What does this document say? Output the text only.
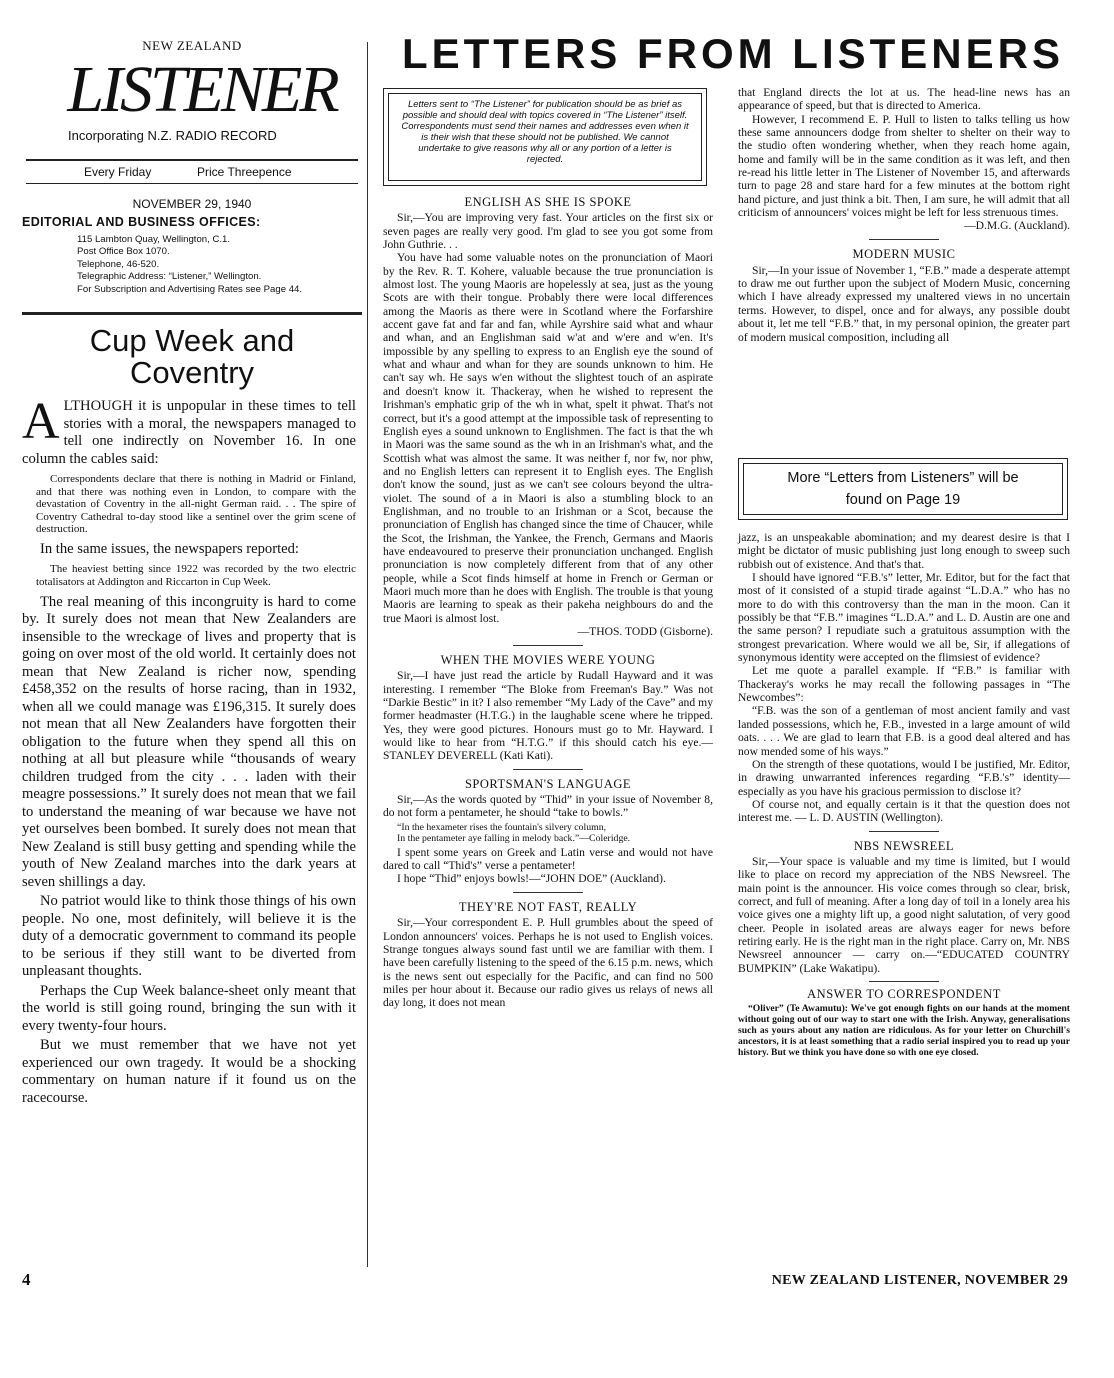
NEW ZEALAND
LISTENER
Incorporating N.Z. RADIO RECORD
Every Friday	Price Threepence
NOVEMBER 29, 1940
EDITORIAL AND BUSINESS OFFICES:
115 Lambton Quay, Wellington, C.1.
Post Office Box 1070.
Telephone, 46-520.
Telegraphic Address: “Listener,” Wellington.
For Subscription and Advertising Rates see Page 44.
Cup Week and
Coventry

ALTHOUGH it is unpopular in these times to tell stories with a moral, the newspapers managed to tell one indirectly on November 16. In one column the cables said:

Correspondents declare that there is nothing in Madrid or Finland, and that there was nothing even in London, to compare with the devastation of Coventry in the all-night German raid. . . The spire of Coventry Cathedral to-day stood like a sentinel over the grim scene of destruction.

In the same issues, the newspapers reported:

The heaviest betting since 1922 was recorded by the two electric totalisators at Addington and Riccarton in Cup Week.

The real meaning of this incongruity is hard to come by. It surely does not mean that New Zealanders are insensible to the wreckage of lives and property that is going on over most of the old world. It certainly does not mean that New Zealand is richer now, spending £458,352 on the results of horse racing, than in 1932, when all we could manage was £196,315. It surely does not mean that all New Zealanders have forgotten their obligation to the future when they spend all this on nothing at all but pleasure while “thousands of weary children trudged from the city . . . laden with their meagre possessions.” It surely does not mean that we fail to understand the meaning of war because we have not yet ourselves been bombed. It surely does not mean that New Zealand is still busy getting and spending while the youth of New Zealand marches into the dark years at seven shillings a day.

No patriot would like to think those things of his own people. No one, most definitely, will believe it is the duty of a democratic government to command its people to be serious if they still want to be diverted from unpleasant thoughts.

Perhaps the Cup Week balance-sheet only meant that the world is still going round, bringing the sun with it every twenty-four hours.

But we must remember that we have not yet experienced our own tragedy. It would be a shocking commentary on human nature if it found us on the racecourse.

LETTERS FROM LISTENERS

Letters sent to “The Listener” for publication should be as brief as possible and should deal with topics covered in “The Listener” itself. Correspondents must send their names and addresses even when it is their wish that these should not be published. We cannot undertake to give reasons why all or any portion of a letter is rejected.

ENGLISH AS SHE IS SPOKE

Sir,—You are improving very fast. Your articles on the first six or seven pages are really very good. I'm glad to see you got some from John Guthrie. . .

You have had some valuable notes on the pronunciation of Maori by the Rev. R. T. Kohere, valuable because the true pronunciation is almost lost. The young Maoris are hopelessly at sea, just as the young Scots are with their tongue. Probably there were local differences among the Maoris as there were in Scotland where the Forfarshire accent gave fat and far and fan, while Ayrshire said what and whaur and whan, and an Englishman said w'at and w'ere and w'en. It's impossible by any spelling to express to an English eye the sound of what and whaur and whan for they are sounds unknown to him. He can't say wh. He says w'en without the slightest touch of an aspirate and doesn't know it. Thackeray, when he wished to represent the Irishman's emphatic grip of the wh in what, spelt it phwat. That's not correct, but it's a good attempt at the impossible task of representing to English eyes a sound unknown to Englishmen. The fact is that the wh in Maori was the same sound as the wh in an Irishman's what, and the Scottish what was almost the same. It was neither f, nor fw, nor phw, and no English letters can represent it to English eyes. The English don't know the sound, just as we can't see colours beyond the ultra-violet. The sound of a in Maori is also a stumbling block to an Englishman, and no trouble to an Irishman or a Scot, because the pronunciation of English has changed since the time of Chaucer, while the Scot, the Irishman, the Yankee, the French, Germans and Maoris have endeavoured to preserve their pronunciation unchanged. English pronunciation is now completely different from that of any other people, while a Scot finds himself at home in French or German or Maori much more than he does with English. The trouble is that young Maoris are learning to speak as their pakeha neighbours do and the true Maori is almost lost.

—THOS. TODD (Gisborne).
WHEN THE MOVIES WERE YOUNG

Sir,—I have just read the article by Rudall Hayward and it was interesting. I remember “The Bloke from Freeman's Bay.” Was not “Darkie Bestic” in it? I also remember “My Lady of the Cave” and my former headmaster (H.T.G.) in the laughable scene where he tripped. Yes, they were good pictures. Honours must go to Mr. Hayward. I would like to hear from “H.T.G.” if this should catch his eye.— STANLEY DEVERELL (Kati Kati).

SPORTSMAN'S LANGUAGE

Sir,—As the words quoted by “Thid” in your issue of November 8, do not form a pentameter, he should “take to bowls.”

“In the hexameter rises the fountain's silvery column,
In the pentameter aye falling in melody back.”—Coleridge.

I spent some years on Greek and Latin verse and would not have dared to call “Thid's” verse a pentameter!

I hope “Thid” enjoys bowls!—“JOHN DOE” (Auckland).

THEY'RE NOT FAST, REALLY

Sir,—Your correspondent E. P. Hull grumbles about the speed of London announcers' voices. Perhaps he is not used to English voices. Strange tongues always sound fast until we are familiar with them. I have been carefully listening to the speed of the 6.15 p.m. news, which is the news sent out especially for the Pacific, and can find no 500 miles per hour about it. Because our radio gives us relays of news all day long, it does not mean

that England directs the lot at us. The head-line news has an appearance of speed, but that is directed to America.

However, I recommend E. P. Hull to listen to talks telling us how these same announcers dodge from shelter to shelter on their way to the studio often wondering whether, when they reach home again, home and family will be in the same condition as it was left, and then re-read his little letter in The Listener of November 15, and afterwards turn to page 28 and stare hard for a few minutes at the bottom right hand picture, and just think a bit. Then, I am sure, he will admit that all criticism of announcers' voices might be left for less strenuous times.

—D.M.G. (Auckland).
MODERN MUSIC

Sir,—In your issue of November 1, “F.B.” made a desperate attempt to draw me out further upon the subject of Modern Music, concerning which I have already expressed my unaltered views in no uncertain terms. However, to dispel, once and for always, any possible doubt about it, let me tell “F.B.” that, in my personal opinion, the greater part of modern musical composition, including all

More “Letters from Listeners” will be
found on Page 19

jazz, is an unspeakable abomination; and my dearest desire is that I might be dictator of music publishing just long enough to sweep such rubbish out of existence. And that's that.

I should have ignored “F.B.'s” letter, Mr. Editor, but for the fact that most of it consisted of a stupid tirade against “L.D.A.” who has no more to do with this controversy than the man in the moon. Can it possibly be that “F.B.” imagines “L.D.A.” and L. D. Austin are one and the same person? I repudiate such a gratuitous assumption with the strongest prevarication. Where would we all be, Sir, if allegations of synonymous identity were accepted on the flimsiest of evidence?

Let me quote a parallel example. If “F.B.” is familiar with Thackeray's works he may recall the following passages in “The Newcombes”:

“F.B. was the son of a gentleman of most ancient family and vast landed possessions, which he, F.B., invested in a large amount of wild oats. . . . We are glad to learn that F.B. is a good deal altered and has now mended some of his ways.”

On the strength of these quotations, would I be justified, Mr. Editor, in drawing unwarranted inferences regarding “F.B.'s” identity—especially as you have his gracious permission to disclose it?

Of course not, and equally certain is it that the question does not interest me. — L. D. AUSTIN (Wellington).

NBS NEWSREEL

Sir,—Your space is valuable and my time is limited, but I would like to place on record my appreciation of the NBS Newsreel. The main point is the announcer. His voice comes through so clear, brisk, correct, and full of meaning. After a long day of toil in a lonely area his voice gives one a mighty lift up, a good night salutation, of very good cheer. People in isolated areas are always eager for news before retiring early. He is the right man in the right place. Carry on, Mr. NBS Newsreel announcer — carry on.—“EDUCATED COUNTRY BUMPKIN” (Lake Wakatipu).

ANSWER TO CORRESPONDENT

“Oliver” (Te Awamutu): We've got enough fights on our hands at the moment without going out of our way to start one with the Irish. Anyway, generalisations such as yours about any nation are ridiculous. As for your letter on Churchill's ancestors, it is at least something that a radio serial inspired you to read up your history. But we think you have done so with one eye closed.

4	NEW ZEALAND LISTENER, NOVEMBER 29
